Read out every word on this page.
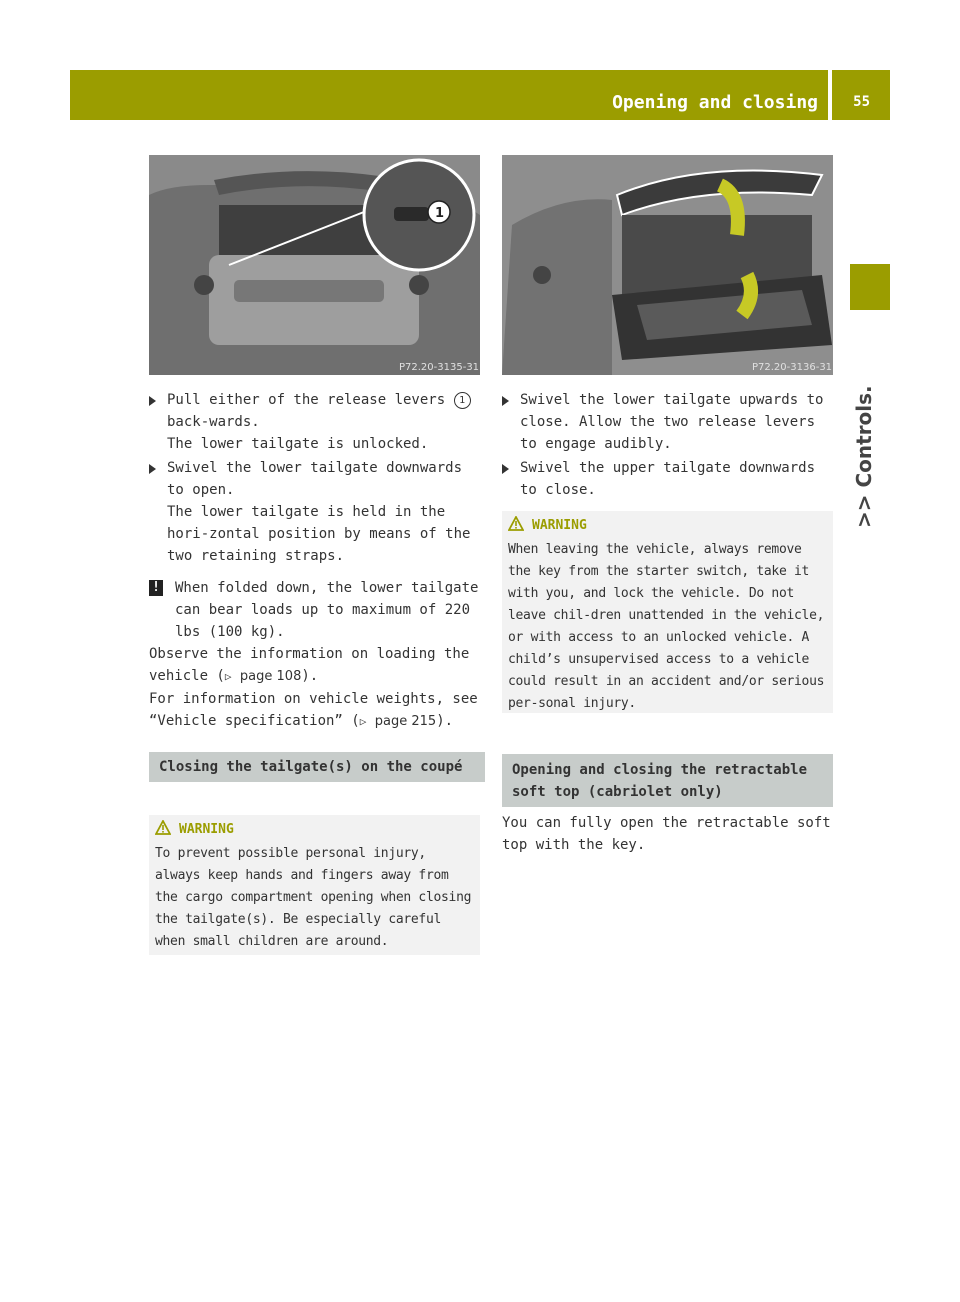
Opening and closing	55
>> Controls.
1
P72.20-3135-31	P72.20-3136-31
Pull either of the release levers 1 back-wards.

The lower tailgate is unlocked.

Swivel the lower tailgate downwards to open.

The lower tailgate is held in the hori-zontal position by means of the two retaining straps.

! When folded down, the lower tailgate can bear loads up to maximum of 220 lbs (100 kg).

Observe the information on loading the vehicle (▷ page 108).

For information on vehicle weights, see “Vehicle specification” (▷ page 215).

Closing the tailgate(s) on the coupé
WARNING
To prevent possible personal injury, always keep hands and fingers away from the cargo compartment opening when closing the tailgate(s). Be especially careful when small children are around.

Swivel the lower tailgate upwards to close. Allow the two release levers to engage audibly.

Swivel the upper tailgate downwards to close.

WARNING
When leaving the vehicle, always remove the key from the starter switch, take it with you, and lock the vehicle. Do not leave chil-dren unattended in the vehicle, or with access to an unlocked vehicle. A child’s unsupervised access to a vehicle could result in an accident and/or serious per-sonal injury.
Opening and closing the retractable soft top (cabriolet only)

You can fully open the retractable soft top with the key.
